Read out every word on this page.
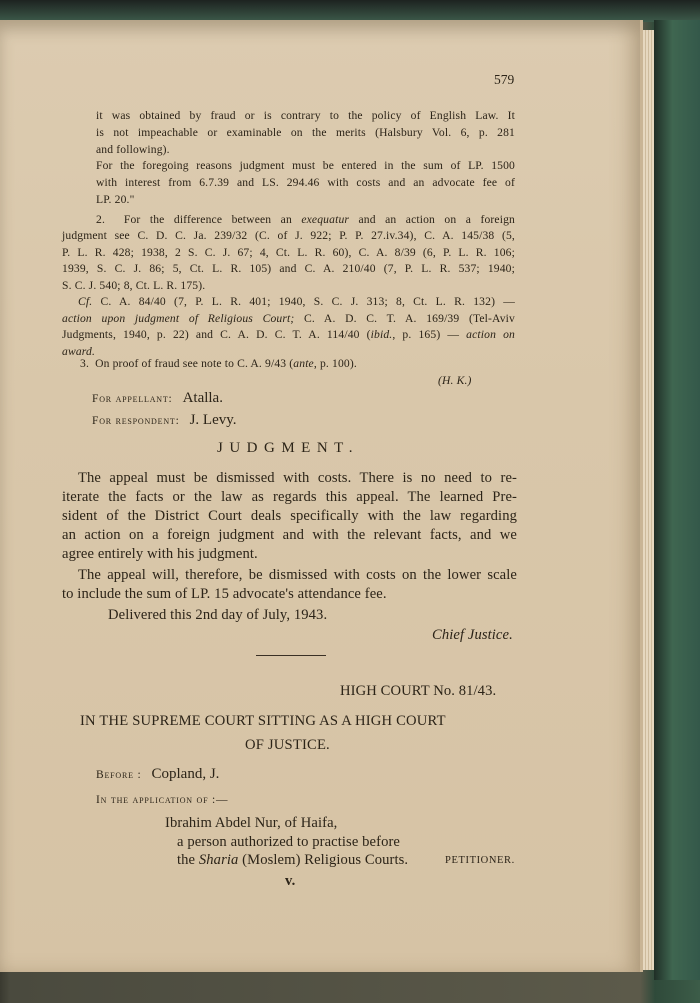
579
it was obtained by fraud or is contrary to the policy of English Law. It
is not impeachable or examinable on the merits (Halsbury Vol. 6, p. 281
and following).
For the foregoing reasons judgment must be entered in the sum of LP. 1500
with interest from 6.7.39 and LS. 294.46 with costs and an advocate fee of
LP. 20."
2.  For the difference between an exequatur and an action on a foreign
judgment see C. D. C. Ja. 239/32 (C. of J. 922; P. P. 27.iv.34), C. A. 145/38 (5,
P. L. R. 428; 1938, 2 S. C. J. 67; 4, Ct. L. R. 60), C. A. 8/39 (6, P. L. R. 106;
1939, S. C. J. 86; 5, Ct. L. R. 105) and C. A. 210/40 (7, P. L. R. 537; 1940;
S. C. J. 540; 8, Ct. L. R. 175).
Cf. C. A. 84/40 (7, P. L. R. 401; 1940, S. C. J. 313; 8, Ct. L. R. 132) —
action upon judgment of Religious Court; C. A. D. C. T. A. 169/39 (Tel-Aviv
Judgments, 1940, p. 22) and C. A. D. C. T. A. 114/40 (ibid., p. 165) — action on
award.
3.  On proof of fraud see note to C. A. 9/43 (ante, p. 100).
(H. K.)
For appellant: Atalla.
For respondent: J. Levy.
JUDGMENT.
The appeal must be dismissed with costs. There is no need to re-
iterate the facts or the law as regards this appeal. The learned Pre-
sident of the District Court deals specifically with the law regarding
an action on a foreign judgment and with the relevant facts, and we
agree entirely with his judgment.
The appeal will, therefore, be dismissed with costs on the lower scale
to include the sum of LP. 15 advocate's attendance fee.
Delivered this 2nd day of July, 1943.
Chief Justice.
HIGH COURT No. 81/43.
IN THE SUPREME COURT SITTING AS A HIGH COURT
OF JUSTICE.
Before : Copland, J.
In the application of :—
Ibrahim Abdel Nur, of Haifa,
a person authorized to practise before
the Sharia (Moslem) Religious Courts.	PETITIONER.
v.
